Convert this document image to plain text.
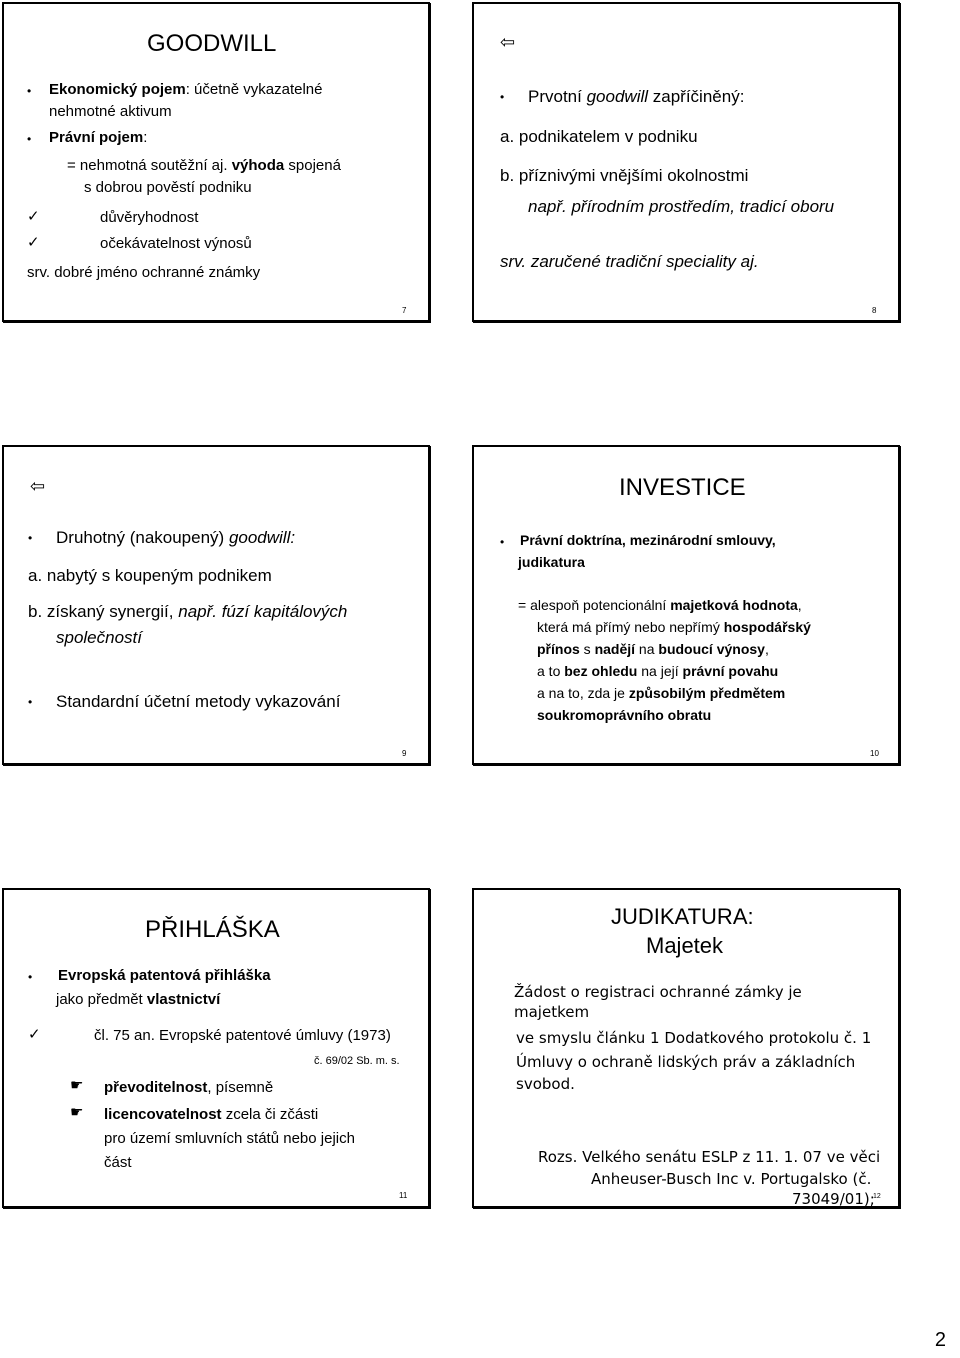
GOODWILL
• Ekonomický pojem: účetně vykazatelné
nehmotné aktivum
• Právní pojem:
= nehmotná soutěžní aj. výhoda spojená
s dobrou pověstí podniku
✓	důvěryhodnost
✓	očekávatelnost výnosů
srv. dobré jméno ochranné známky
7
⇦
• Prvotní goodwill zapříčiněný:
a. podnikatelem v podniku
b. příznivými vnějšími okolnostmi
např. přírodním prostředím, tradicí oboru
srv. zaručené tradiční speciality aj.
8
⇦
• Druhotný (nakoupený) goodwill:
a. nabytý s koupeným podnikem
b. získaný synergií, např. fúzí kapitálových
společností
• Standardní účetní metody vykazování
9
INVESTICE
• Právní doktrína, mezinárodní smlouvy,
judikatura
= alespoň potencionální majetková hodnota,
která má přímý nebo nepřímý hospodářský
přínos s nadějí na budoucí výnosy,
a to bez ohledu na její právní povahu
a na to, zda je způsobilým předmětem
soukromoprávního obratu
10
PŘIHLÁŠKA
• Evropská patentová přihláška
jako předmět vlastnictví
✓	čl. 75 an. Evropské patentové úmluvy (1973)
č. 69/02 Sb. m. s.
☛ převoditelnost, písemně
☛ licencovatelnost zcela či zčásti
pro území smluvních států nebo jejich
část
11
JUDIKATURA:
Majetek
Žádost o registraci ochranné zámky je
majetkem
ve smyslu článku 1 Dodatkového protokolu č. 1
Úmluvy o ochraně lidských práv a základních
svobod.
Rozs. Velkého senátu ESLP z 11. 1. 07 ve věci
Anheuser-Busch Inc v. Portugalsko (č.
73049/01);
12
2
